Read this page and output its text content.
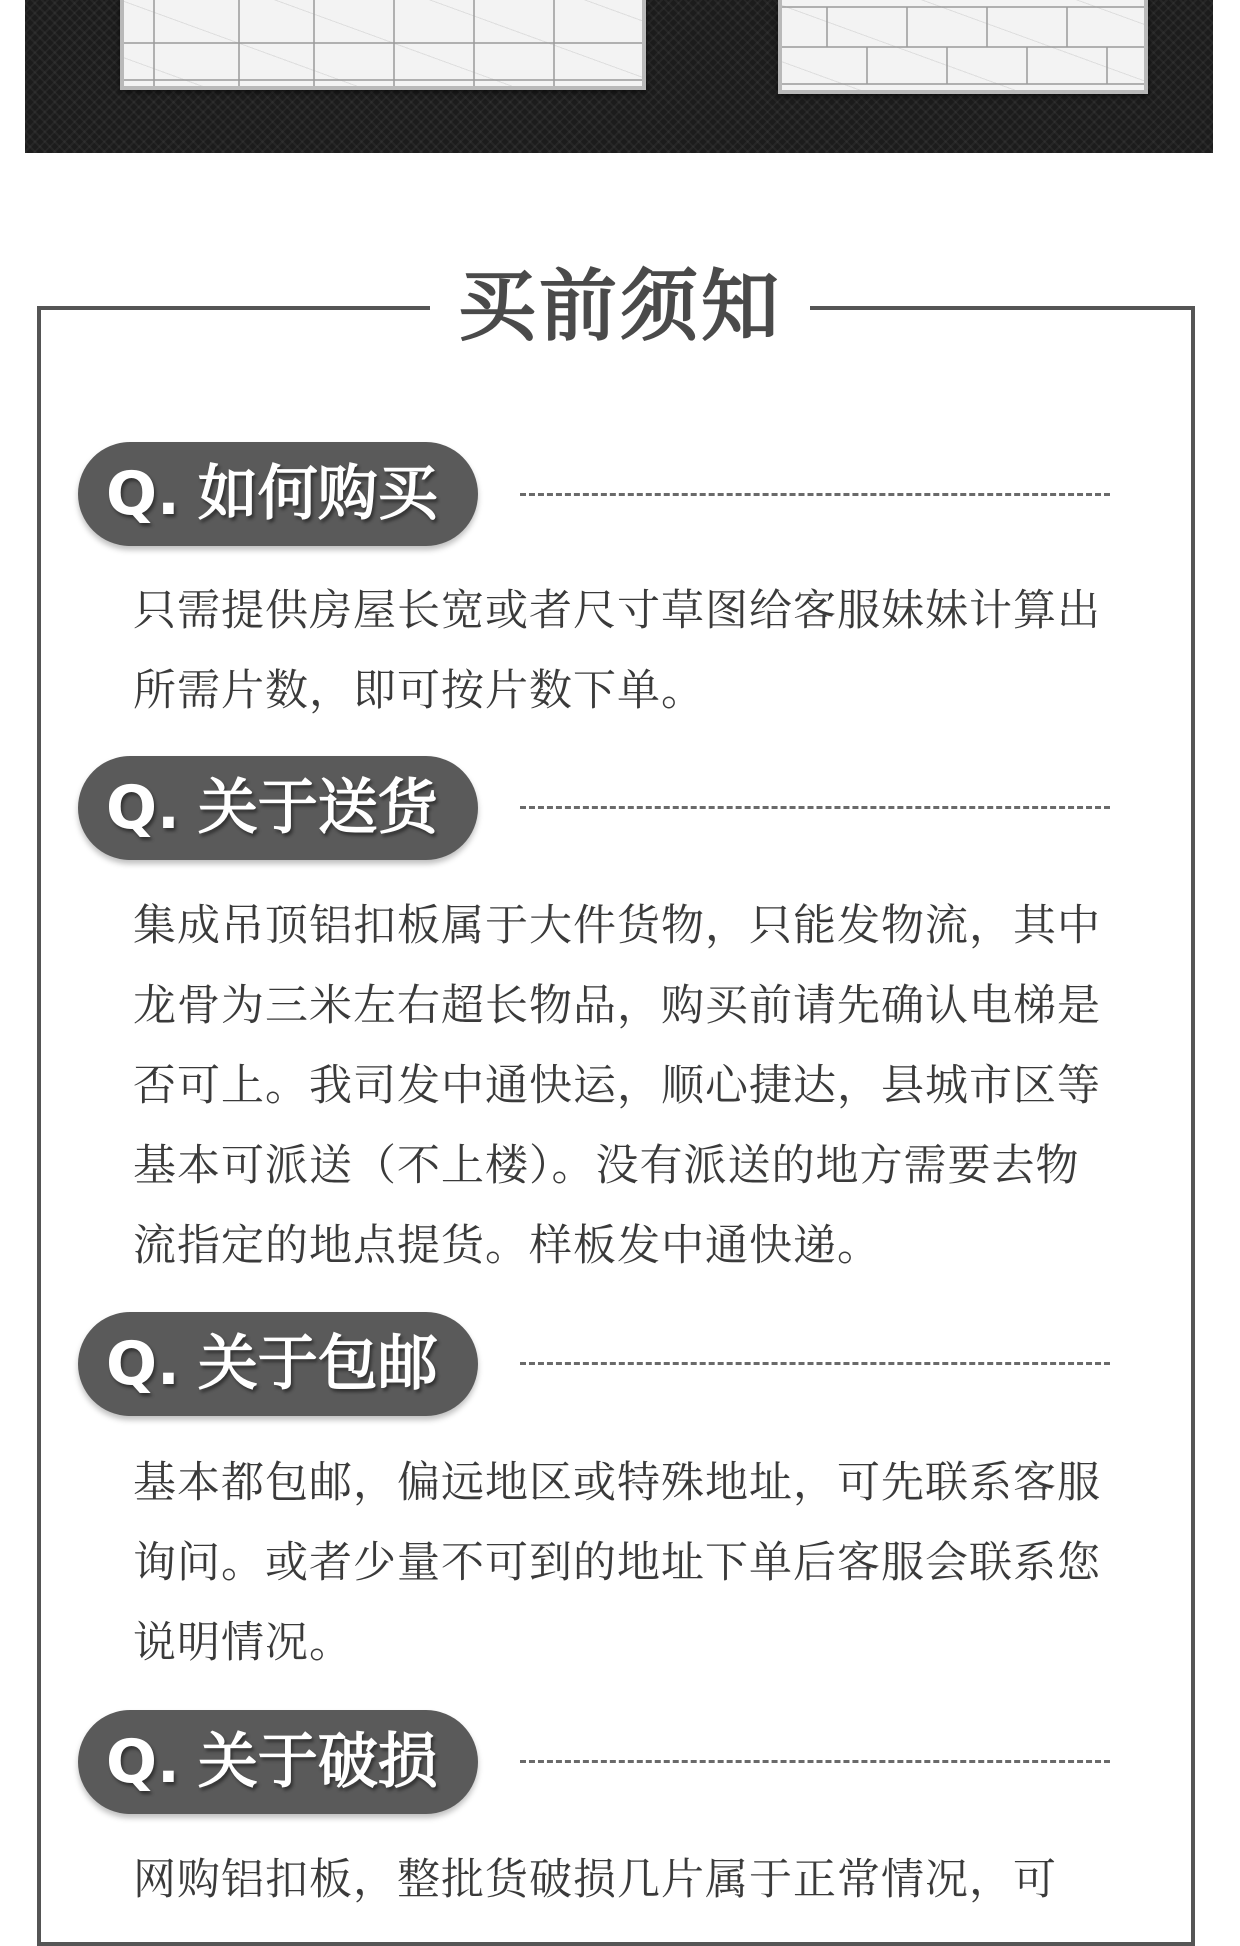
买前须知
Q. 如何购买
只需提供房屋长宽或者尺寸草图给客服妹妹计算出所需片数，即可按片数下单。
Q. 关于送货
集成吊顶铝扣板属于大件货物，只能发物流，其中龙骨为三米左右超长物品，购买前请先确认电梯是否可上。我司发中通快运，顺心捷达，县城市区等基本可派送（不上楼）。没有派送的地方需要去物流指定的地点提货。样板发中通快递。
Q. 关于包邮
基本都包邮，偏远地区或特殊地址，可先联系客服询问。或者少量不可到的地址下单后客服会联系您说明情况。
Q. 关于破损
网购铝扣板，整批货破损几片属于正常情况，可
